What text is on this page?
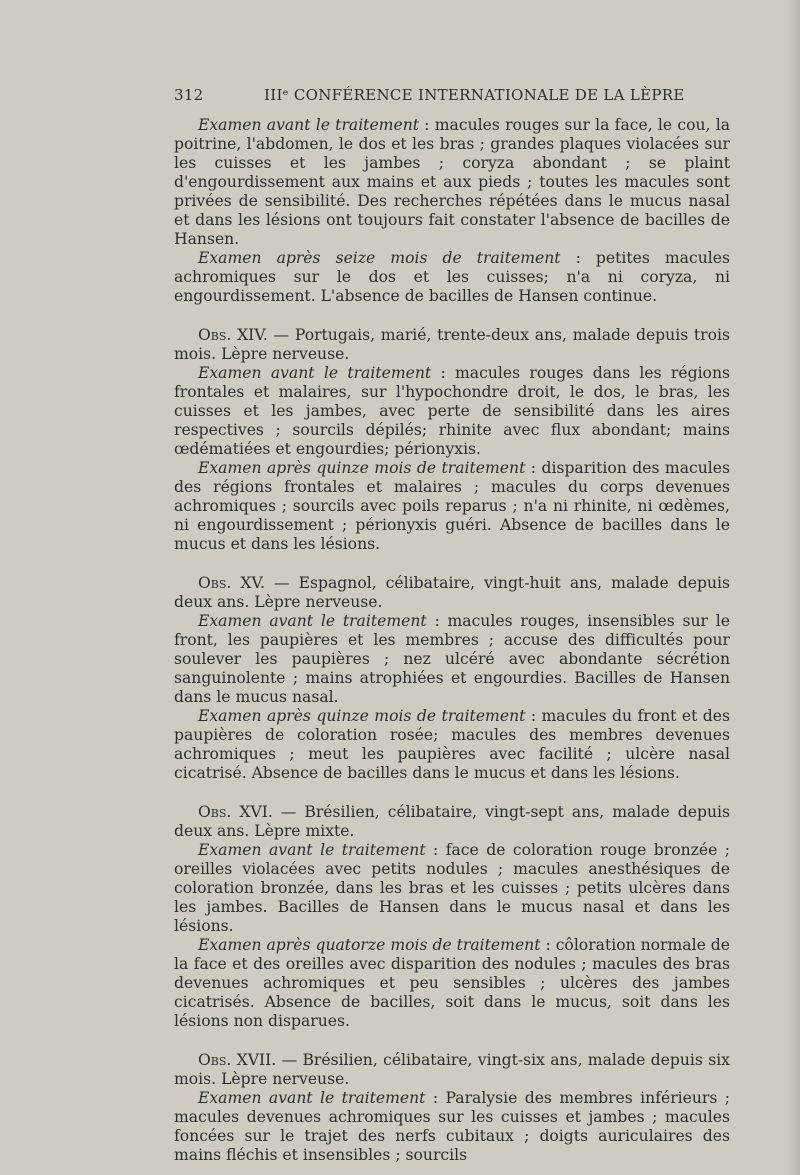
312	IIIᵉ CONFÉRENCE INTERNATIONALE DE LA LÈPRE

Examen avant le traitement : macules rouges sur la face, le cou, la poitrine, l'abdomen, le dos et les bras ; grandes plaques violacées sur les cuisses et les jambes ; coryza abondant ; se plaint d'engourdissement aux mains et aux pieds ; toutes les macules sont privées de sensibilité. Des recherches répétées dans le mucus nasal et dans les lésions ont toujours fait constater l'absence de bacilles de Hansen.

Examen après seize mois de traitement : petites macules achromiques sur le dos et les cuisses; n'a ni coryza, ni engourdissement. L'absence de bacilles de Hansen continue.

Obs. XIV. — Portugais, marié, trente-deux ans, malade depuis trois mois. Lèpre nerveuse.

Examen avant le traitement : macules rouges dans les régions frontales et malaires, sur l'hypochondre droit, le dos, le bras, les cuisses et les jambes, avec perte de sensibilité dans les aires respectives ; sourcils dépilés; rhinite avec flux abondant; mains œdématiées et engourdies; périonyxis.

Examen après quinze mois de traitement : disparition des macules des régions frontales et malaires ; macules du corps devenues achromiques ; sourcils avec poils reparus ; n'a ni rhinite, ni œdèmes, ni engourdissement ; périonyxis guéri. Absence de bacilles dans le mucus et dans les lésions.

Obs. XV. — Espagnol, célibataire, vingt-huit ans, malade depuis deux ans. Lèpre nerveuse.

Examen avant le traitement : macules rouges, insensibles sur le front, les paupières et les membres ; accuse des difficultés pour soulever les paupières ; nez ulcéré avec abondante sécrétion sanguinolente ; mains atrophiées et engourdies. Bacilles de Hansen dans le mucus nasal.

Examen après quinze mois de traitement : macules du front et des paupières de coloration rosée; macules des membres devenues achromiques ; meut les paupières avec facilité ; ulcère nasal cicatrisé. Absence de bacilles dans le mucus et dans les lésions.

Obs. XVI. — Brésilien, célibataire, vingt-sept ans, malade depuis deux ans. Lèpre mixte.

Examen avant le traitement : face de coloration rouge bronzée ; oreilles violacées avec petits nodules ; macules anesthésiques de coloration bronzée, dans les bras et les cuisses ; petits ulcères dans les jambes. Bacilles de Hansen dans le mucus nasal et dans les lésions.

Examen après quatorze mois de traitement : côloration normale de la face et des oreilles avec disparition des nodules ; macules des bras devenues achromiques et peu sensibles ; ulcères des jambes cicatrisés. Absence de bacilles, soit dans le mucus, soit dans les lésions non disparues.

Obs. XVII. — Brésilien, célibataire, vingt-six ans, malade depuis six mois. Lèpre nerveuse.

Examen avant le traitement : Paralysie des membres inférieurs ; macules devenues achromiques sur les cuisses et jambes ; macules foncées sur le trajet des nerfs cubitaux ; doigts auriculaires des mains fléchis et insensibles ; sourcils
